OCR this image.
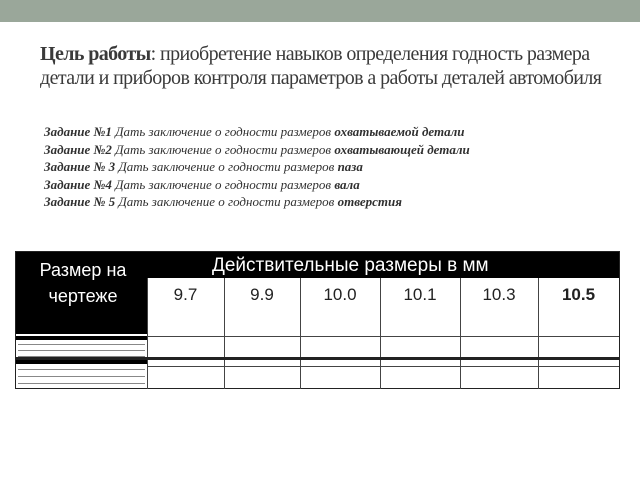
Цель работы: приобретение навыков определения годность размера детали и приборов контроля параметров а работы деталей автомобиля
Задание №1 Дать заключение о годности размеров охватываемой детали
Задание №2 Дать заключение о годности размеров охватывающей детали
Задание № 3 Дать заключение о годности размеров паза
Задание №4 Дать заключение о годности размеров вала
Задание № 5 Дать заключение о годности размеров отверстия
Размер на чертеже
Действительные размеры в мм
9.7	9.9	10.0	10.1	10.3	10.5
